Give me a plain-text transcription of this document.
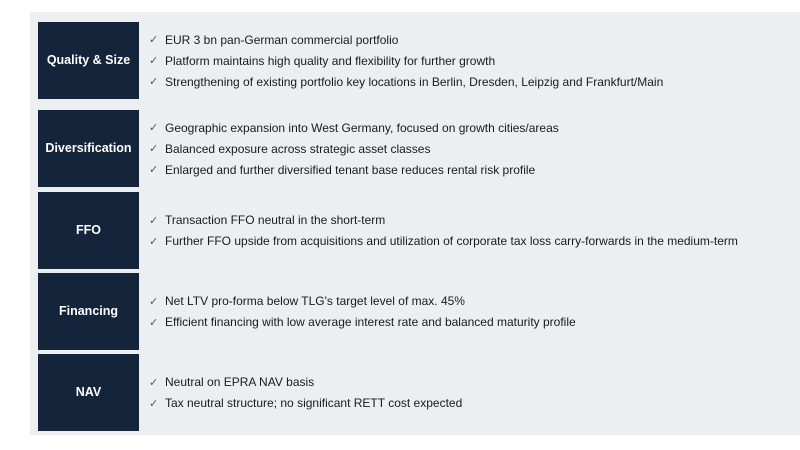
Quality & Size
✓ EUR 3 bn pan-German commercial portfolio
✓ Platform maintains high quality and flexibility for further growth
✓ Strengthening of existing portfolio key locations in Berlin, Dresden, Leipzig and Frankfurt/Main
Diversification
✓ Geographic expansion into West Germany, focused on growth cities/areas
✓ Balanced exposure across strategic asset classes
✓ Enlarged and further diversified tenant base reduces rental risk profile
FFO
✓ Transaction FFO neutral in the short-term
✓ Further FFO upside from acquisitions and utilization of corporate tax loss carry-forwards in the medium-term
Financing
✓ Net LTV pro-forma below TLG's target level of max. 45%
✓ Efficient financing with low average interest rate and balanced maturity profile
NAV
✓ Neutral on EPRA NAV basis
✓ Tax neutral structure; no significant RETT cost expected
